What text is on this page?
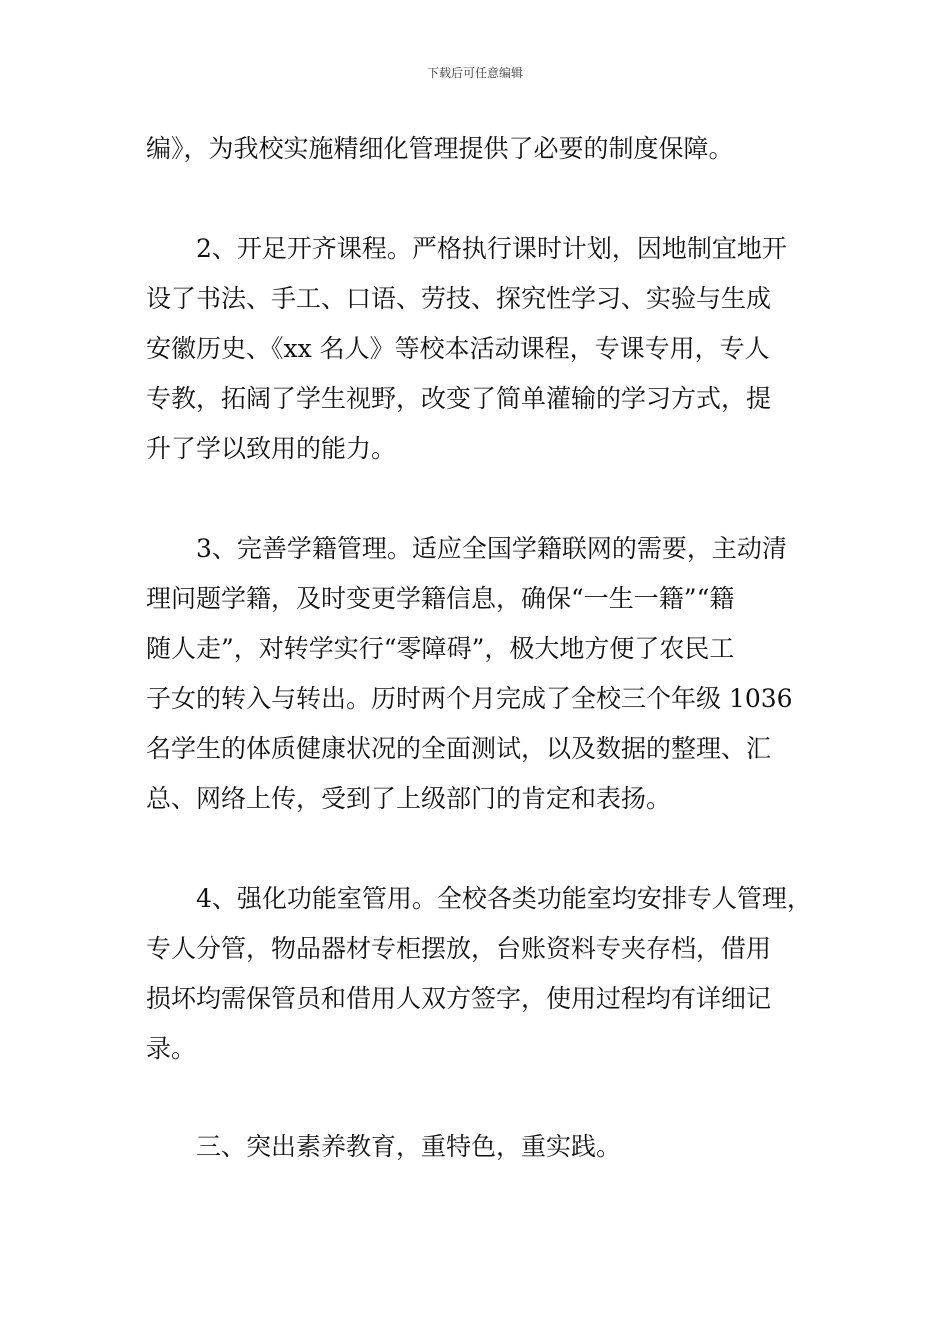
下载后可任意编辑
编》，为我校实施精细化管理提供了必要的制度保障。
2、开足开齐课程。严格执行课时计划，因地制宜地开
设了书法、手工、口语、劳技、探究性学习、实验与生成
安徽历史、《xx 名人》等校本活动课程，专课专用，专人
专教，拓阔了学生视野，改变了简单灌输的学习方式，提
升了学以致用的能力。
3、完善学籍管理。适应全国学籍联网的需要，主动清
理问题学籍，及时变更学籍信息，确保“一生一籍”“籍
随人走”，对转学实行“零障碍”，极大地方便了农民工
子女的转入与转出。历时两个月完成了全校三个年级 1036
名学生的体质健康状况的全面测试，以及数据的整理、汇
总、网络上传，受到了上级部门的肯定和表扬。
4、强化功能室管用。全校各类功能室均安排专人管理，
专人分管，物品器材专柜摆放，台账资料专夹存档，借用
损坏均需保管员和借用人双方签字，使用过程均有详细记
录。
三、突出素养教育，重特色，重实践。
